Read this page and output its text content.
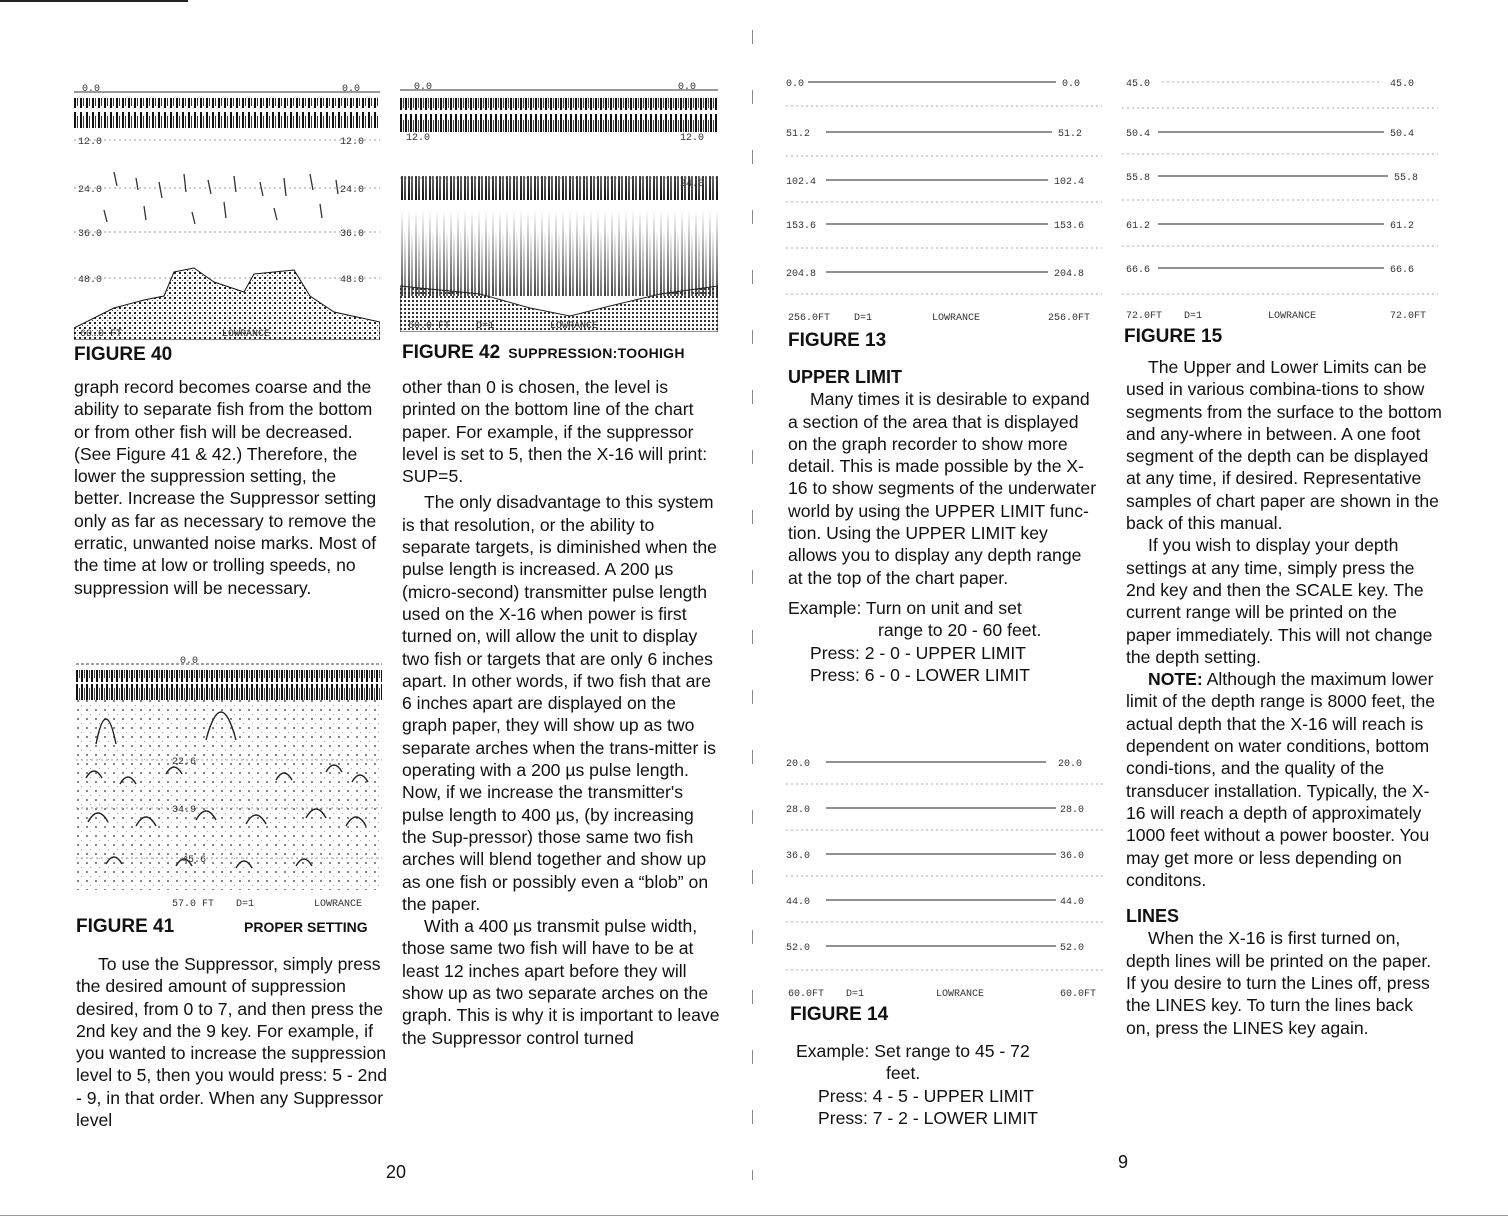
0.0	0.0
12.0	12.0
24.0	24.0
36.0	36.0
48.0	48.0
60.0 FT	LOWRANCE
FIGURE 40
0.0	0.0
12.0	12.0
24.0
60.0 FT	D=1	LOWRANCE
FIGURE 42 SUPPRESSION:TOOHIGH

graph record becomes coarse and the ability to separate fish from the bottom or from other fish will be decreased. (See Figure 41 & 42.) Therefore, the lower the suppression setting, the better. Increase the Suppressor setting only as far as necessary to remove the erratic, unwanted noise marks. Most of the time at low or trolling speeds, no suppression will be necessary.

0.0
22.6
34.9
45.6
57.0 FT D=1	LOWRANCE
FIGURE 41	PROPER SETTING

To use the Suppressor, simply press the desired amount of suppression desired, from 0 to 7, and then press the 2nd key and the 9 key. For example, if you wanted to increase the suppression level to 5, then you would press: 5 - 2nd - 9, in that order. When any Suppressor level

other than 0 is chosen, the level is printed on the bottom line of the chart paper. For example, if the suppressor level is set to 5, then the X-16 will print: SUP=5.

The only disadvantage to this system is that resolution, or the ability to separate targets, is diminished when the pulse length is increased. A 200 µs (micro-second) transmitter pulse length used on the X-16 when power is first turned on, will allow the unit to display two fish or targets that are only 6 inches apart. In other words, if two fish that are 6 inches apart are displayed on the graph paper, they will show up as two separate arches when the trans-mitter is operating with a 200 µs pulse length. Now, if we increase the transmitter's pulse length to 400 µs, (by increasing the Sup-pressor) those same two fish arches will blend together and show up as one fish or possibly even a “blob” on the paper.

With a 400 µs transmit pulse width, those same two fish will have to be at least 12 inches apart before they will show up as two separate arches on the graph. This is why it is important to leave the Suppressor control turned

20
0.0
51.2
102.4
153.6
204.8
0.0
51.2
102.4
153.6
204.8
256.0FT D=1	LOWRANCE	256.0FT
FIGURE 13
45.0
50.4
55.8
61.2
66.6
45.0
50.4
55.8
61.2
66.6
72.0FT D=1	LOWRANCE	72.0FT
FIGURE 15
UPPER LIMIT

Many times it is desirable to expand a section of the area that is displayed on the graph recorder to show more detail. This is made possible by the X-16 to show segments of the underwater world by using the UPPER LIMIT func-tion. Using the UPPER LIMIT key allows you to display any depth range at the top of the chart paper.

Example: Turn on unit and set

range to 20 - 60 feet.

Press: 2 - 0 - UPPER LIMIT

Press: 6 - 0 - LOWER LIMIT

20.0
28.0
36.0
44.0
52.0
20.0
28.0
36.0
44.0
52.0
60.0FT D=1	LOWRANCE	60.0FT
FIGURE 14

Example: Set range to 45 - 72

feet.

Press: 4 - 5 - UPPER LIMIT

Press: 7 - 2 - LOWER LIMIT

The Upper and Lower Limits can be used in various combina-tions to show segments from the surface to the bottom and any-where in between. A one foot segment of the depth can be displayed at any time, if desired. Representative samples of chart paper are shown in the back of this manual.

If you wish to display your depth settings at any time, simply press the 2nd key and then the SCALE key. The current range will be printed on the paper immediately. This will not change the depth setting.

NOTE: Although the maximum lower limit of the depth range is 8000 feet, the actual depth that the X-16 will reach is dependent on water conditions, bottom condi-tions, and the quality of the transducer installation. Typically, the X-16 will reach a depth of approximately 1000 feet without a power booster. You may get more or less depending on conditons.

LINES

When the X-16 is first turned on, depth lines will be printed on the paper. If you desire to turn the Lines off, press the LINES key. To turn the lines back on, press the LINES key again.

9
